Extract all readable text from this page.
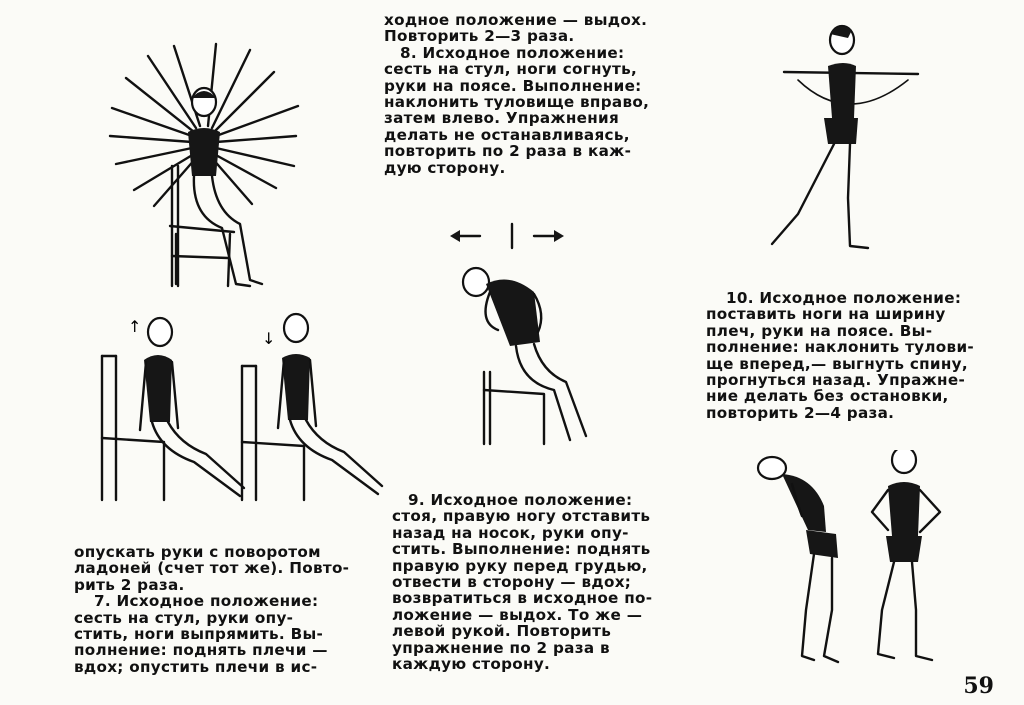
ходное положение — выдох.

Повторить 2—3 раза.

8. Исходное положение:

сесть на стул, ноги согнуть,

руки на поясе. Выполнение:

наклонить туловище вправо,

затем влево. Упражнения

делать не останавливаясь,

повторить по 2 раза в каж-

дую сторону.

10. Исходное положение:

поставить ноги на ширину

плеч, руки на поясе. Вы-

полнение: наклонить тулови-

ще вперед,— выгнуть спину,

прогнуться назад. Упражне-

ние делать без остановки,

повторить 2—4 раза.

9. Исходное положение:

стоя, правую ногу отставить

назад на носок, руки опу-

стить. Выполнение: поднять

правую руку перед грудью,

отвести в сторону — вдох;

возвратиться в исходное по-

ложение — выдох. То же —

левой рукой. Повторить

упражнение по 2 раза в

каждую сторону.

опускать руки с поворотом

ладоней (счет тот же). Повто-

рить 2 раза.

7. Исходное положение:

сесть на стул, руки опу-

стить, ноги выпрямить. Вы-

полнение: поднять плечи —

вдох; опустить плечи в ис-

59
↑
↓
